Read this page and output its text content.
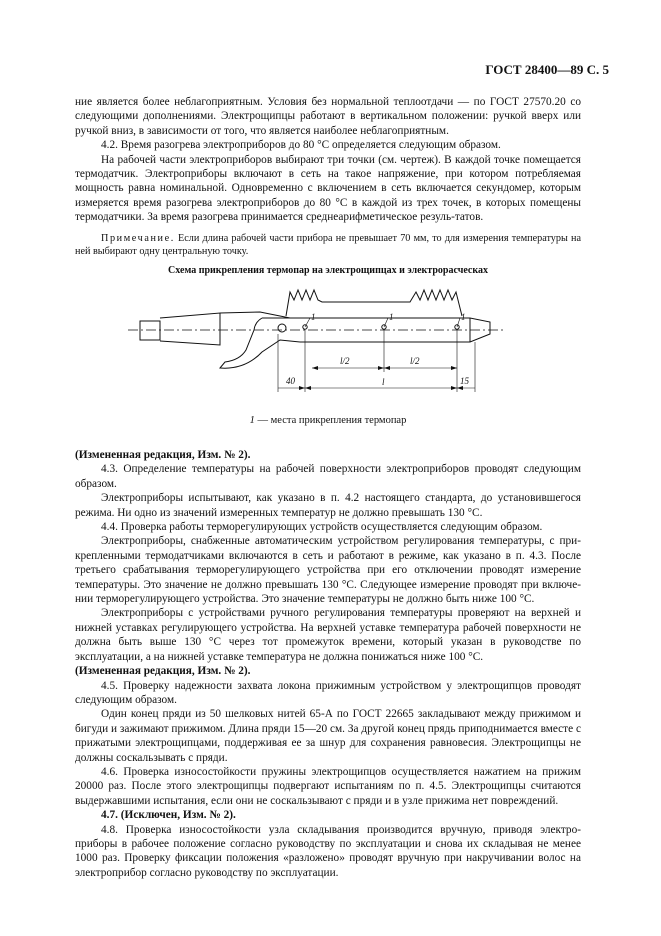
ГОСТ 28400—89 С. 5

ние является более неблагоприятным. Условия без нормальной теплоотдачи — по ГОСТ 27570.20 со следующими дополнениями. Электрощипцы работают в вертикальном положении: ручкой вверх или ручкой вниз, в зависимости от того, что является наиболее неблагоприятным.

4.2. Время разогрева электроприборов до 80 °С определяется следующим образом.

На рабочей части электроприборов выбирают три точки (см. чертеж). В каждой точке помещается термодатчик. Электроприборы включают в сеть на такое напряжение, при котором потребляемая мощность равна номинальной. Одновременно с включением в сеть включается секундомер, которым измеряется время разогрева электроприборов до 80 °С в каждой из трех точек, в которых помещены термодатчики. За время разогрева принимается среднеарифметическое резуль-татов.

Примечание. Если длина рабочей части прибора не превышает 70 мм, то для измерения температуры на ней выбирают одну центральную точку.

Схема прикрепления термопар на электрощипцах и электрорасческах
1	1	1
l/2	l/2
l
40	15
1 — места прикрепления термопар

(Измененная редакция, Изм. № 2).

4.3. Определение температуры на рабочей поверхности электроприборов проводят следующим образом.

Электроприборы испытывают, как указано в п. 4.2 настоящего стандарта, до установившегося режима. Ни одно из значений измеренных температур не должно превышать 130 °С.

4.4. Проверка работы терморегулирующих устройств осуществляется следующим образом.

Электроприборы, снабженные автоматическим устройством регулирования температуры, с при-крепленными термодатчиками включаются в сеть и работают в режиме, как указано в п. 4.3. После третьего срабатывания терморегулирующего устройства при его отключении проводят измерение температуры. Это значение не должно превышать 130 °С. Следующее измерение проводят при включе-нии терморегулирующего устройства. Это значение температуры не должно быть ниже 100 °С.

Электроприборы с устройствами ручного регулирования температуры проверяют на верхней и нижней уставках регулирующего устройства. На верхней уставке температура рабочей поверхности не должна быть выше 130 °С через тот промежуток времени, который указан в руководстве по эксплуатации, а на нижней уставке температура не должна понижаться ниже 100 °С.

(Измененная редакция, Изм. № 2).

4.5. Проверку надежности захвата локона прижимным устройством у электрощипцов проводят следующим образом.

Один конец пряди из 50 шелковых нитей 65-А по ГОСТ 22665 закладывают между прижимом и бигуди и зажимают прижимом. Длина пряди 15—20 см. За другой конец прядь приподнимается вместе с прижатыми электрощипцами, поддерживая ее за шнур для сохранения равновесия. Электрощипцы не должны соскальзывать с пряди.

4.6. Проверка износостойкости пружины электрощипцов осуществляется нажатием на прижим 20000 раз. После этого электрощипцы подвергают испытаниям по п. 4.5. Электрощипцы считаются выдержавшими испытания, если они не соскальзывают с пряди и в узле прижима нет повреждений.

4.7. (Исключен, Изм. № 2).

4.8. Проверка износостойкости узла складывания производится вручную, приводя электро-приборы в рабочее положение согласно руководству по эксплуатации и снова их складывая не менее 1000 раз. Проверку фиксации положения «разложено» проводят вручную при накручивании волос на электроприбор согласно руководству по эксплуатации.
